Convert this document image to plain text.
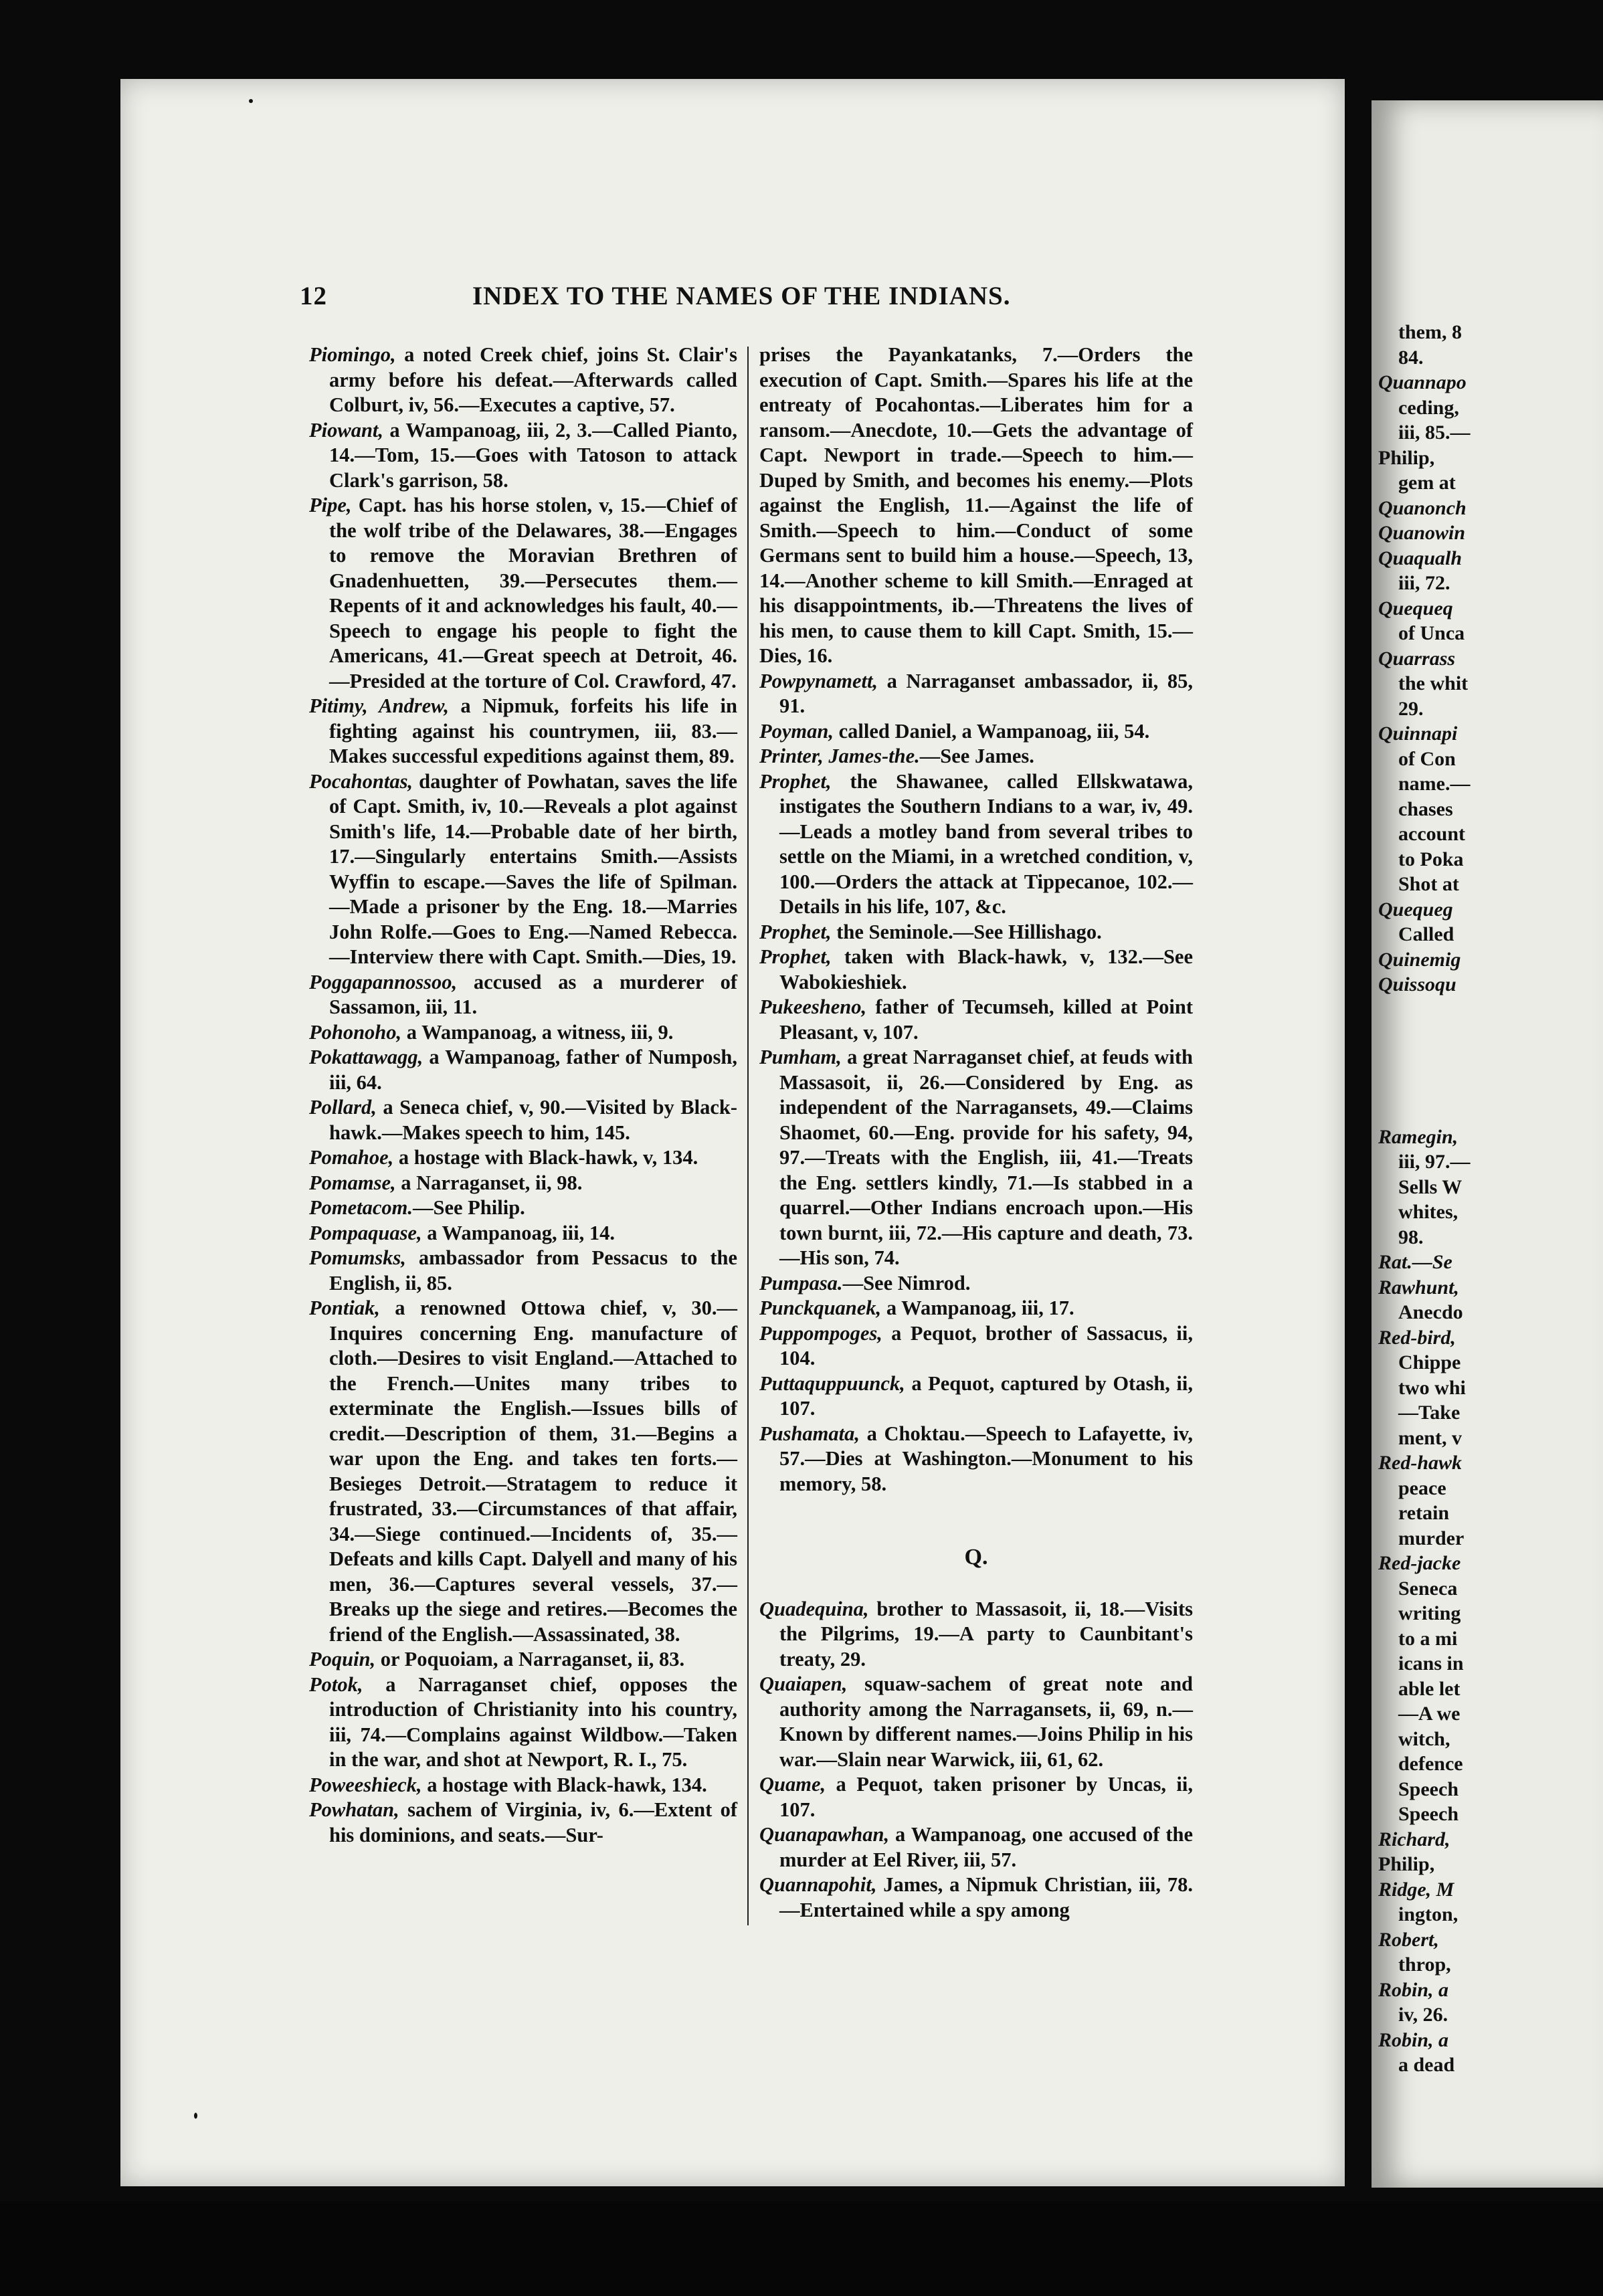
them, 8
84.
Quannapo
ceding,
iii, 85.—
Philip,
gem at
Quanonch
Quanowin
Quaqualh
iii, 72.
Quequeq
of Unca
Quarrass
the whit
29.
Quinnapi
of Con
name.—
chases
account
to Poka
Shot at
Quequeg
Called
Quinemig
Quissoqu
Ramegin,
iii, 97.—
Sells W
whites,
98.
Rat.—Se
Rawhunt,
Anecdo
Red-bird,
Chippe
two whi
—Take
ment, v
Red-hawk
peace
retain
murder
Red-jacke
Seneca
writing
to a mi
icans in
able let
—A we
witch,
defence
Speech
Speech
Richard,
Philip,
Ridge, M
ington,
Robert,
throp,
Robin, a
iv, 26.
Robin, a
a dead
12	INDEX TO THE NAMES OF THE INDIANS.

Piomingo, a noted Creek chief, joins St. Clair's army before his defeat.—Afterwards called Colburt, iv, 56.—Executes a captive, 57.

Piowant, a Wampanoag, iii, 2, 3.—Called Pianto, 14.—Tom, 15.—Goes with Tatoson to attack Clark's garrison, 58.

Pipe, Capt. has his horse stolen, v, 15.—Chief of the wolf tribe of the Delawares, 38.—Engages to remove the Moravian Brethren of Gnadenhuetten, 39.—Persecutes them.—Repents of it and acknowledges his fault, 40.—Speech to engage his people to fight the Americans, 41.—Great speech at Detroit, 46.—Presided at the torture of Col. Crawford, 47.

Pitimy, Andrew, a Nipmuk, forfeits his life in fighting against his countrymen, iii, 83.—Makes successful expeditions against them, 89.

Pocahontas, daughter of Powhatan, saves the life of Capt. Smith, iv, 10.—Reveals a plot against Smith's life, 14.—Probable date of her birth, 17.—Singularly entertains Smith.—Assists Wyffin to escape.—Saves the life of Spilman.—Made a prisoner by the Eng. 18.—Marries John Rolfe.—Goes to Eng.—Named Rebecca.—Interview there with Capt. Smith.—Dies, 19.

Poggapannossoo, accused as a murderer of Sassamon, iii, 11.

Pohonoho, a Wampanoag, a witness, iii, 9.

Pokattawagg, a Wampanoag, father of Numposh, iii, 64.

Pollard, a Seneca chief, v, 90.—Visited by Black-hawk.—Makes speech to him, 145.

Pomahoe, a hostage with Black-hawk, v, 134.

Pomamse, a Narraganset, ii, 98.

Pometacom.—See Philip.

Pompaquase, a Wampanoag, iii, 14.

Pomumsks, ambassador from Pessacus to the English, ii, 85.

Pontiak, a renowned Ottowa chief, v, 30.—Inquires concerning Eng. manufacture of cloth.—Desires to visit England.—Attached to the French.—Unites many tribes to exterminate the English.—Issues bills of credit.—Description of them, 31.—Begins a war upon the Eng. and takes ten forts.—Besieges Detroit.—Stratagem to reduce it frustrated, 33.—Circumstances of that affair, 34.—Siege continued.—Incidents of, 35.—Defeats and kills Capt. Dalyell and many of his men, 36.—Captures several vessels, 37.—Breaks up the siege and retires.—Becomes the friend of the English.—Assassinated, 38.

Poquin, or Poquoiam, a Narraganset, ii, 83.

Potok, a Narraganset chief, opposes the introduction of Christianity into his country, iii, 74.—Complains against Wildbow.—Taken in the war, and shot at Newport, R. I., 75.

Poweeshieck, a hostage with Black-hawk, 134.

Powhatan, sachem of Virginia, iv, 6.—Extent of his dominions, and seats.—Sur-

prises the Payankatanks, 7.—Orders the execution of Capt. Smith.—Spares his life at the entreaty of Pocahontas.—Liberates him for a ransom.—Anecdote, 10.—Gets the advantage of Capt. Newport in trade.—Speech to him.—Duped by Smith, and becomes his enemy.—Plots against the English, 11.—Against the life of Smith.—Speech to him.—Conduct of some Germans sent to build him a house.—Speech, 13, 14.—Another scheme to kill Smith.—Enraged at his disappointments, ib.—Threatens the lives of his men, to cause them to kill Capt. Smith, 15.—Dies, 16.

Powpynamett, a Narraganset ambassador, ii, 85, 91.

Poyman, called Daniel, a Wampanoag, iii, 54.

Printer, James-the.—See James.

Prophet, the Shawanee, called Ellskwatawa, instigates the Southern Indians to a war, iv, 49.—Leads a motley band from several tribes to settle on the Miami, in a wretched condition, v, 100.—Orders the attack at Tippecanoe, 102.—Details in his life, 107, &c.

Prophet, the Seminole.—See Hillishago.

Prophet, taken with Black-hawk, v, 132.—See Wabokieshiek.

Pukeesheno, father of Tecumseh, killed at Point Pleasant, v, 107.

Pumham, a great Narraganset chief, at feuds with Massasoit, ii, 26.—Considered by Eng. as independent of the Narragansets, 49.—Claims Shaomet, 60.—Eng. provide for his safety, 94, 97.—Treats with the English, iii, 41.—Treats the Eng. settlers kindly, 71.—Is stabbed in a quarrel.—Other Indians encroach upon.—His town burnt, iii, 72.—His capture and death, 73.—His son, 74.

Pumpasa.—See Nimrod.

Punckquanek, a Wampanoag, iii, 17.

Puppompoges, a Pequot, brother of Sassacus, ii, 104.

Puttaquppuunck, a Pequot, captured by Otash, ii, 107.

Pushamata, a Choktau.—Speech to Lafayette, iv, 57.—Dies at Washington.—Monument to his memory, 58.

Q.

Quadequina, brother to Massasoit, ii, 18.—Visits the Pilgrims, 19.—A party to Caunbitant's treaty, 29.

Quaiapen, squaw-sachem of great note and authority among the Narragansets, ii, 69, n.—Known by different names.—Joins Philip in his war.—Slain near Warwick, iii, 61, 62.

Quame, a Pequot, taken prisoner by Uncas, ii, 107.

Quanapawhan, a Wampanoag, one accused of the murder at Eel River, iii, 57.

Quannapohit, James, a Nipmuk Christian, iii, 78.—Entertained while a spy among
